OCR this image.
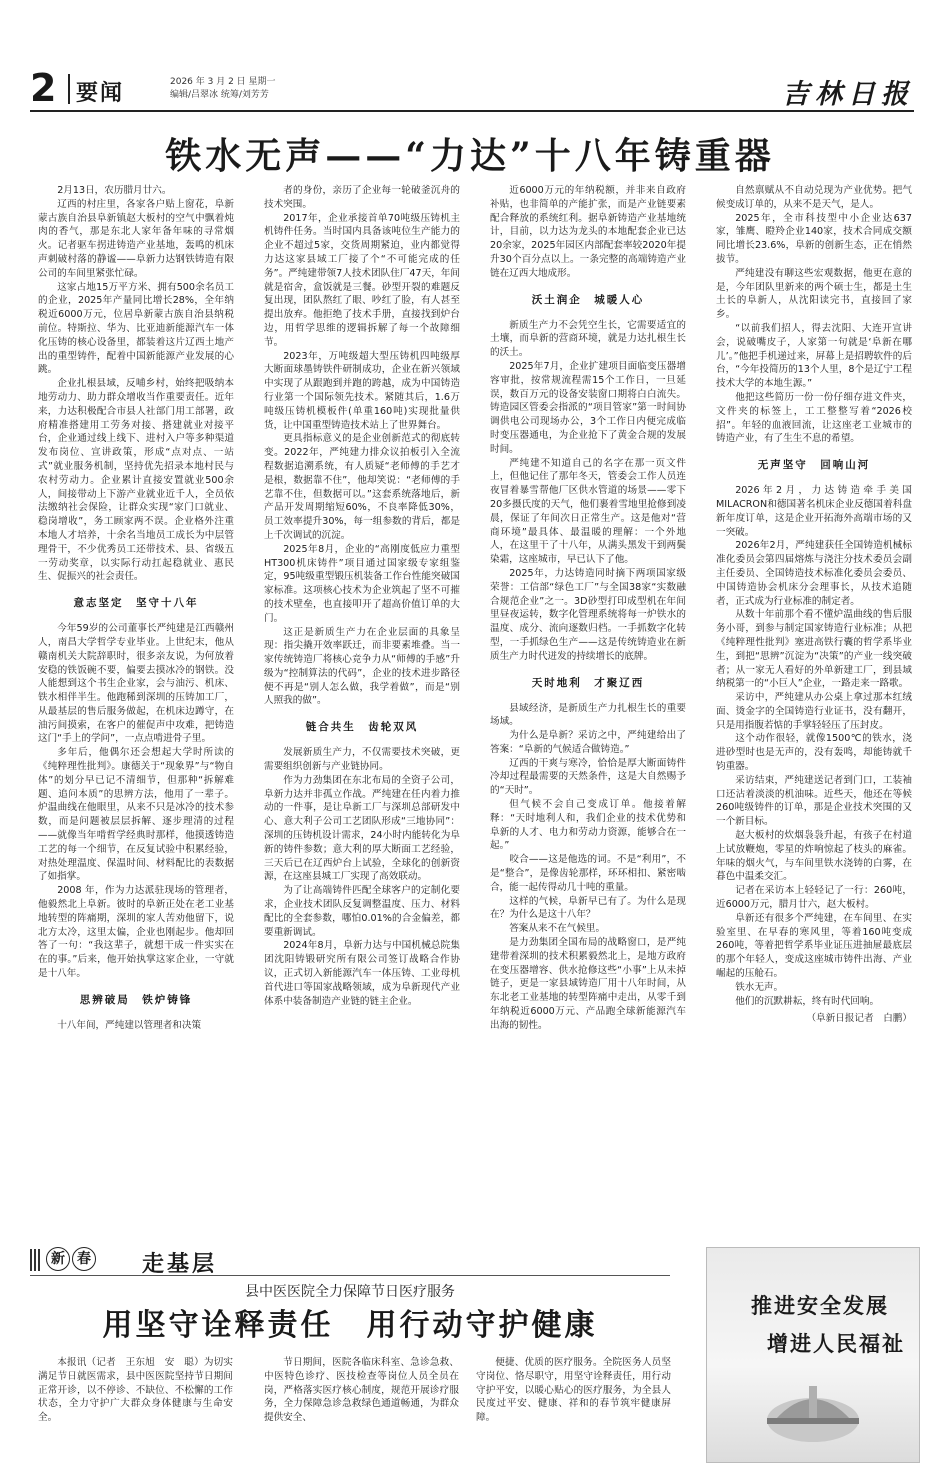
2 要闻	2026 年 3 月 2 日 星期一
编辑/吕翠冰 统筹/刘芳芳	吉林日报
铁水无声——“力达”十八年铸重器

2月13日，农历腊月廿六。

辽西的村庄里，各家各户贴上窗花，阜新蒙古族自治县阜新镇赵大板村的空气中飘着炖肉的香气，那是东北人家年备年味的寻常烟火。记者驱车拐进铸造产业基地，轰鸣的机床声刺破村落的静谧——阜新力达钢铁铸造有限公司的车间里紧张忙碌。

这家占地15万平方米、拥有500余名员工的企业，2025年产量同比增长28%，全年纳税近6000万元，位居阜新蒙古族自治县纳税前位。特斯拉、华为、比亚迪新能源汽车一体化压铸的核心设备里，都装着这片辽西土地产出的重型铸件，配着中国新能源产业发展的心跳。

企业扎根县域，反哺乡村，始终把吸纳本地劳动力、助力群众增收当作重要责任。近年来，力达积极配合市县人社部门用工部署，政府精准搭建用工劳务对接、搭建就业对接平台，企业通过线上线下、进村入户等多种渠道发布岗位、宣讲政策，形成“点对点、一站式”就业服务机制，坚持优先招录本地村民与农村劳动力。企业累计直接安置就业500余人，间接带动上下游产业就业近千人，全员依法缴纳社会保险，让群众实现“家门口就业、稳岗增收”，务工顾家两不误。企业格外注重本地人才培养，十余名当地员工成长为中层管理骨干，不少优秀员工还带技术、县、省级五一劳动奖章，以实际行动扛起稳就业、惠民生、促振兴的社会责任。

意志坚定　坚守十八年

今年59岁的公司董事长严纯建是江西赣州人，南昌大学哲学专业毕业。上世纪末，他从赣南机关大院辞职时，很多亲友说，为何放着安稳的铁饭碗不要，偏要去摸冰冷的钢铁。没人能想到这个书生企业家，会与油污、机床、铁水相伴半生。他跑稀到深圳的压铸加工厂，从最基层的售后服务做起，在机床边蹲守，在油污间摸索，在客户的催促声中攻难，把铸造这门“手上的学问”，一点点啃进骨子里。

多年后，他偶尔还会想起大学时所读的《纯粹理性批判》。康德关于“现象界”与“物自体”的划分早已记不清细节，但那种“拆解难题、追问本质”的思辨方法，他用了一辈子。炉温曲线在他眼里，从来不只是冰冷的技术参数，而是问题被层层拆解、逐步理清的过程——就像当年啃哲学经典时那样，他摸透铸造工艺的每一个细节，在反复试验中积累经验，对热处理温度、保温时间、材料配比的表数据了如指掌。

2008 年，作为力达派驻现场的管理者，他毅然北上阜新。彼时的阜新正处在老工业基地转型的阵痛期，深圳的家人苦劝他留下，说北方太冷，这里太偏，企业也刚起步。他却回答了一句：“我这辈子，就想干成一件实实在在的事。”后来，他开始执掌这家企业，一守就是十八年。

思辨破局　铁炉铸锋

十八年间，严纯建以管理者和决策

者的身份，亲历了企业每一轮破釜沉舟的技术突围。

2017年，企业承接首单70吨级压铸机主机铸件任务。当时国内具备该吨位生产能力的企业不超过5家，交货周期紧迫，业内都觉得力达这家县域工厂接了个“不可能完成的任务”。严纯建带领7人技术团队住厂47天，年间就是宿舍，盒饭就是三餐。砂型开裂的难题反复出现，团队熬红了眼、吵红了脸，有人甚至提出放弃。他拒绝了技术手册，直接找到炉台边，用哲学思维的逻辑拆解了每一个故障细节。

2023年，万吨级超大型压铸机四吨级厚大断面球墨铸铁件研制成功，企业在新兴领域中实现了从跟跑到并跑的跨越，成为中国铸造行业第一个国际领先技术。紧随其后，1.6万吨级压铸机模板件(单重160吨)实现批量供货，让中国重型铸造技术站上了世界舞台。

更具指标意义的是企业创新范式的彻底转变。2022年，严纯建力排众议拍板引入全流程数据追溯系统，有人质疑“老师傅的手艺才是根，数据靠不住”，他却笑说：“老师傅的手艺靠不住，但数据可以。”这套系统落地后，新产品开发周期缩短60%，不良率降低30%，员工效率提升30%，每一组参数的背后，都是上千次调试的沉淀。

2025年8月，企业的“高刚度低应力重型HT300机床铸件”项目通过国家级专家组鉴定，95吨级重型锻压机装备工作台性能突破国家标准。这项核心技术为企业筑起了坚不可摧的技术壁垒，也直接叩开了超高价值订单的大门。

这正是新质生产力在企业层面的具象呈现：指尖撬开效率跃迁，而非要素堆叠。当一家传统铸造厂将核心竞争力从“师傅的手感”升级为“控制算法的代码”，企业的技术进步路径便不再是“别人怎么做，我学着做”，而是“别人照我的做”。

链合共生　齿轮双风

发展新质生产力，不仅需要技术突破，更需要组织创新与产业链协同。

作为力劲集团在东北布局的全资子公司，阜新力达并非孤立作战。严纯建在任内着力推动的一件事，是让阜新工厂与深圳总部研发中心、意大利子公司工艺团队形成“三地协同”：深圳的压铸机设计需求，24小时内能转化为阜新的铸件参数；意大利的厚大断面工艺经验，三天后已在辽西炉台上试验，全球化的创新资源，在这座县城工厂实现了高效联动。

为了让高端铸件匹配全球客户的定制化要求，企业技术团队反复调整温度、压力、材料配比的全套参数，哪怕0.01%的合金偏差，都要重新调试。

2024年8月，阜新力达与中国机械总院集团沈阳铸锻研究所有限公司签订战略合作协议，正式切入新能源汽车一体压铸、工业母机首代进口等国家战略领域，成为阜新现代产业体系中装备制造产业链的链主企业。

近6000万元的年纳税额，并非来自政府补贴，也非简单的产能扩张，而是产业链要素配合释放的系统红利。据阜新铸造产业基地统计，目前，以力达为龙头的本地配套企业已达20余家，2025年园区内部配套率较2020年提升30个百分点以上。一条完整的高端铸造产业链在辽西大地成形。

沃土润企　城暖人心

新质生产力不会凭空生长，它需要适宜的土壤，而阜新的营商环境，就是力达扎根生长的沃土。

2025年7月，企业扩建项目面临变压器增容审批，按常规流程需15个工作日，一旦延误，数百万元的设备安装窗口期将白白流失。铸造园区管委会指派的“项目管家”第一时间协调供电公司现场办公，3个工作日内便完成临时变压器通电，为企业抢下了黄金合规的发展时间。

严纯建不知道自己的名字在那一页文件上，但他记住了那年冬天，管委会工作人员连夜冒着暴雪帮他厂区供水管道的场景——零下20多摄氏度的天气，他们裹着雪地里抢修到凌晨，保证了年间次日正常生产。这是他对“营商环境”最具体、最温暖的理解：一个外地人，在这里干了十八年，从满头黑发干到两鬓染霜，这座城市，早已认下了他。

2025年，力达铸造同时摘下两项国家级荣誉：工信部“绿色工厂”与全国38家“实数融合规范企业”之一。3D砂型打印成型机在年间里昼夜运转，数字化管理系统将每一炉铁水的温度、成分、流向逐数归档。一手抓数字化转型，一手抓绿色生产——这是传统铸造业在新质生产力时代迸发的持续增长的底牌。

天时地利　才聚辽西

县域经济，是新质生产力扎根生长的重要场域。

为什么是阜新？采访之中，严纯建给出了答案：“阜新的气候适合做铸造。”

辽西的干爽与寒冷，恰恰是厚大断面铸件冷却过程最需要的天然条件，这是大自然赐予的“天时”。

但气候不会自己变成订单。他接着解释：“天时地利人和，我们企业的技术优势和阜新的人才、电力和劳动力资源，能够合在一起。”

咬合——这是他选的词。不是“利用”，不是“整合”，是像齿轮那样，环环相扣、紧密啮合，能一起传得动几十吨的重量。

这样的气候，阜新早已有了。为什么是现在？为什么是这十八年？

答案从来不在气候里。

是力劲集团全国布局的战略窗口，是严纯建带着深圳的技术积累毅然北上，是地方政府在变压器增容、供水抢修这些“小事”上从未掉链子，更是一家县域铸造厂用十八年时间，从东北老工业基地的转型阵痛中走出，从零千到年纳税近6000万元、产品跑全球新能源汽车出海的韧性。

自然禀赋从不自动兑现为产业优势。把气候变成订单的，从来不是天气，是人。

2025年，全市科技型中小企业达637家，雏鹰、瞪羚企业140家，技术合同成交额同比增长23.6%，阜新的创新生态，正在悄然拔节。

严纯建没有聊这些宏观数据，他更在意的是，今年团队里新来的两个硕士生，都是土生土长的阜新人，从沈阳读完书，直接回了家乡。

“以前我们招人，得去沈阳、大连开宣讲会，说破嘴皮子，人家第一句就是‘阜新在哪儿’。”他把手机递过来，屏幕上是招聘软件的后台，“今年投简历的13个人里，8个是辽宁工程技术大学的本地生源。”

他把这些简历一份一份仔细存进文件夹，文件夹的标签上，工工整整写着“2026校招”。年轻的血液回流，让这座老工业城市的铸造产业，有了生生不息的希望。

无声坚守　回响山河

2026年2月，力达铸造牵手美国MILACRON和德国著名机床企业反德国着科盘新年度订单，这是企业开拓海外高端市场的又一突破。

2026年2月，严纯建获任全国铸造机械标准化委员会第四届熔炼与浇注分技术委员会副主任委员、全国铸造技术标准化委员会委员、中国铸造协会机床分会理事长，从技术追随者，正式成为行业标准的制定者。

从数十年前那个看不懂炉温曲线的售后服务小哥，到参与制定国家铸造行业标准；从把《纯粹理性批判》塞进高铁行囊的哲学系毕业生，到把“思辨”沉淀为“决策”的产业一线突破者；从一家无人看好的外单新建工厂，到县域纳税第一的“小巨人”企业，一路走来一路歌。

采访中，严纯建从办公桌上拿过那本红绒面、烫金字的全国铸造行业证书，没有翻开，只是用指腹若惦的手掌轻轻压了压封皮。

这个动作很轻，就像1500℃的铁水，浇进砂型时也是无声的，没有轰鸣，却能铸就千钧重器。

采访结束，严纯建送记者到门口，工装袖口还沾着淡淡的机油味。近些天，他还在等候260吨级铸件的订单，那是企业技术突围的又一个新目标。

赵大板村的炊烟袅袅升起，有孩子在村道上试放鞭炮，零星的炸响惊起了枝头的麻雀。年味的烟火气，与车间里铁水浇铸的白雾，在暮色中温柔交汇。

记者在采访本上轻轻记了一行：260吨，近6000万元，腊月廿六，赵大板村。

阜新还有很多个严纯建，在车间里、在实验室里、在早春的寒风里，等着160吨变成260吨，等着把哲学系毕业证压进抽屉最底层的那个年轻人，变成这座城市铸件出海、产业崛起的压舱石。

铁水无声。

他们的沉默耕耘，终有时代回响。

（阜新日报记者　白鹏）

新 春	走基层
县中医医院全力保障节日医疗服务
用坚守诠释责任　用行动守护健康

本报讯（记者　王东旭　安　聪）为切实满足节日就医需求，县中医医院坚持节日期间正常开诊，以不停诊、不缺位、不松懈的工作状态，全力守护广大群众身体健康与生命安全。

节日期间，医院各临床科室、急诊急救、中医特色诊疗、医技检查等岗位人员全员在岗，严格落实医疗核心制度，规范开展诊疗服务，全力保障急诊急救绿色通道畅通，为群众提供安全、

便捷、优质的医疗服务。全院医务人员坚守岗位、恪尽职守，用坚守诠释责任，用行动守护平安，以暖心贴心的医疗服务，为全县人民度过平安、健康、祥和的春节筑牢健康屏障。

推进安全发展
增进人民福祉
